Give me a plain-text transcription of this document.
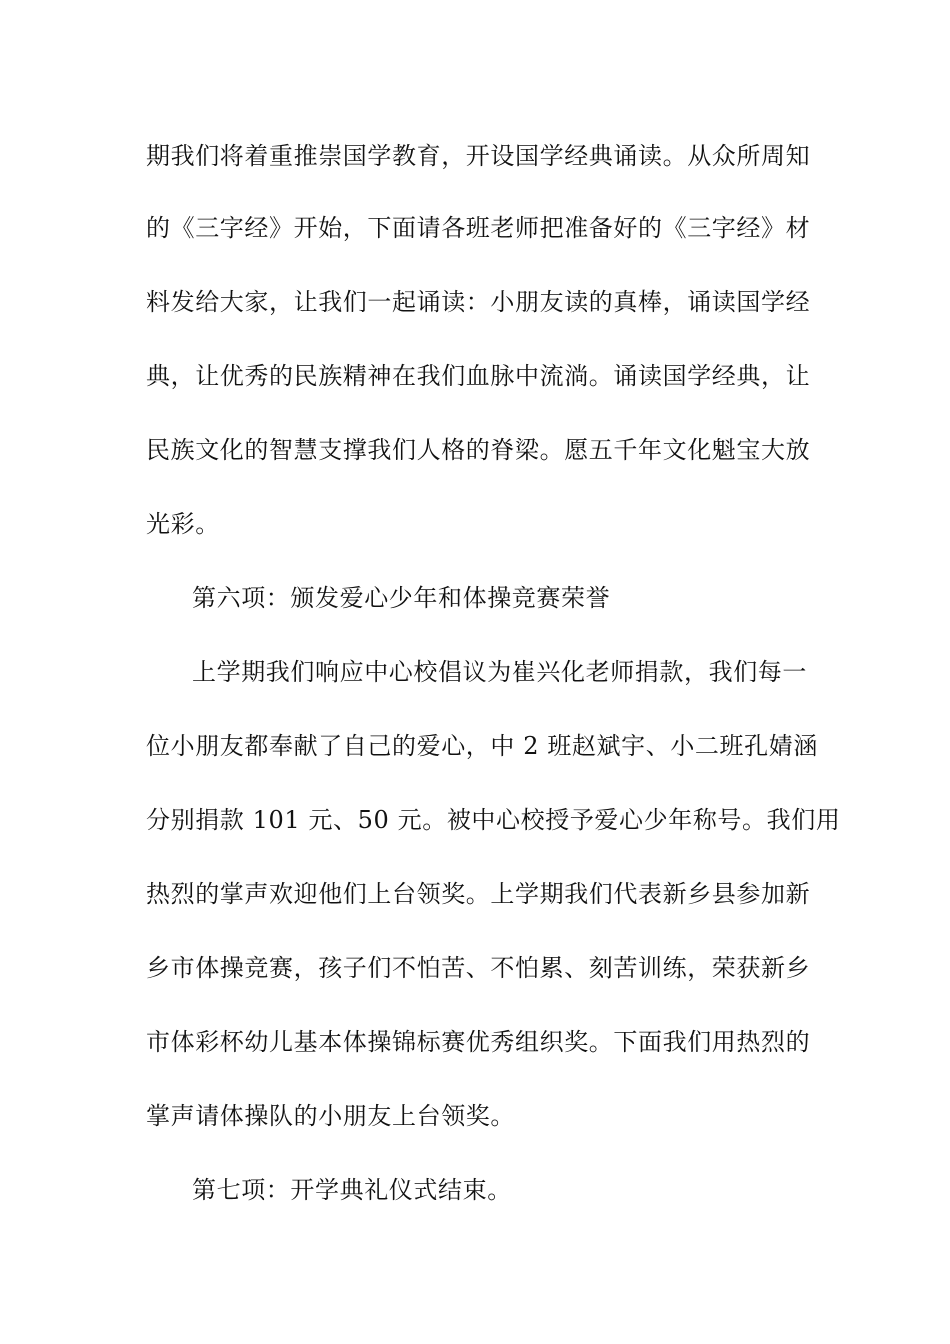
期我们将着重推崇国学教育，开设国学经典诵读。从众所周知
的《三字经》开始，下面请各班老师把准备好的《三字经》材
料发给大家，让我们一起诵读：小朋友读的真棒，诵读国学经
典，让优秀的民族精神在我们血脉中流淌。诵读国学经典，让
民族文化的智慧支撑我们人格的脊梁。愿五千年文化魁宝大放
光彩。
第六项：颁发爱心少年和体操竞赛荣誉
上学期我们响应中心校倡议为崔兴化老师捐款，我们每一
位小朋友都奉献了自己的爱心，中 2 班赵斌宇、小二班孔婧涵
分别捐款 101 元、50 元。被中心校授予爱心少年称号。我们用
热烈的掌声欢迎他们上台领奖。上学期我们代表新乡县参加新
乡市体操竞赛，孩子们不怕苦、不怕累、刻苦训练，荣获新乡
市体彩杯幼儿基本体操锦标赛优秀组织奖。下面我们用热烈的
掌声请体操队的小朋友上台领奖。
第七项：开学典礼仪式结束。
